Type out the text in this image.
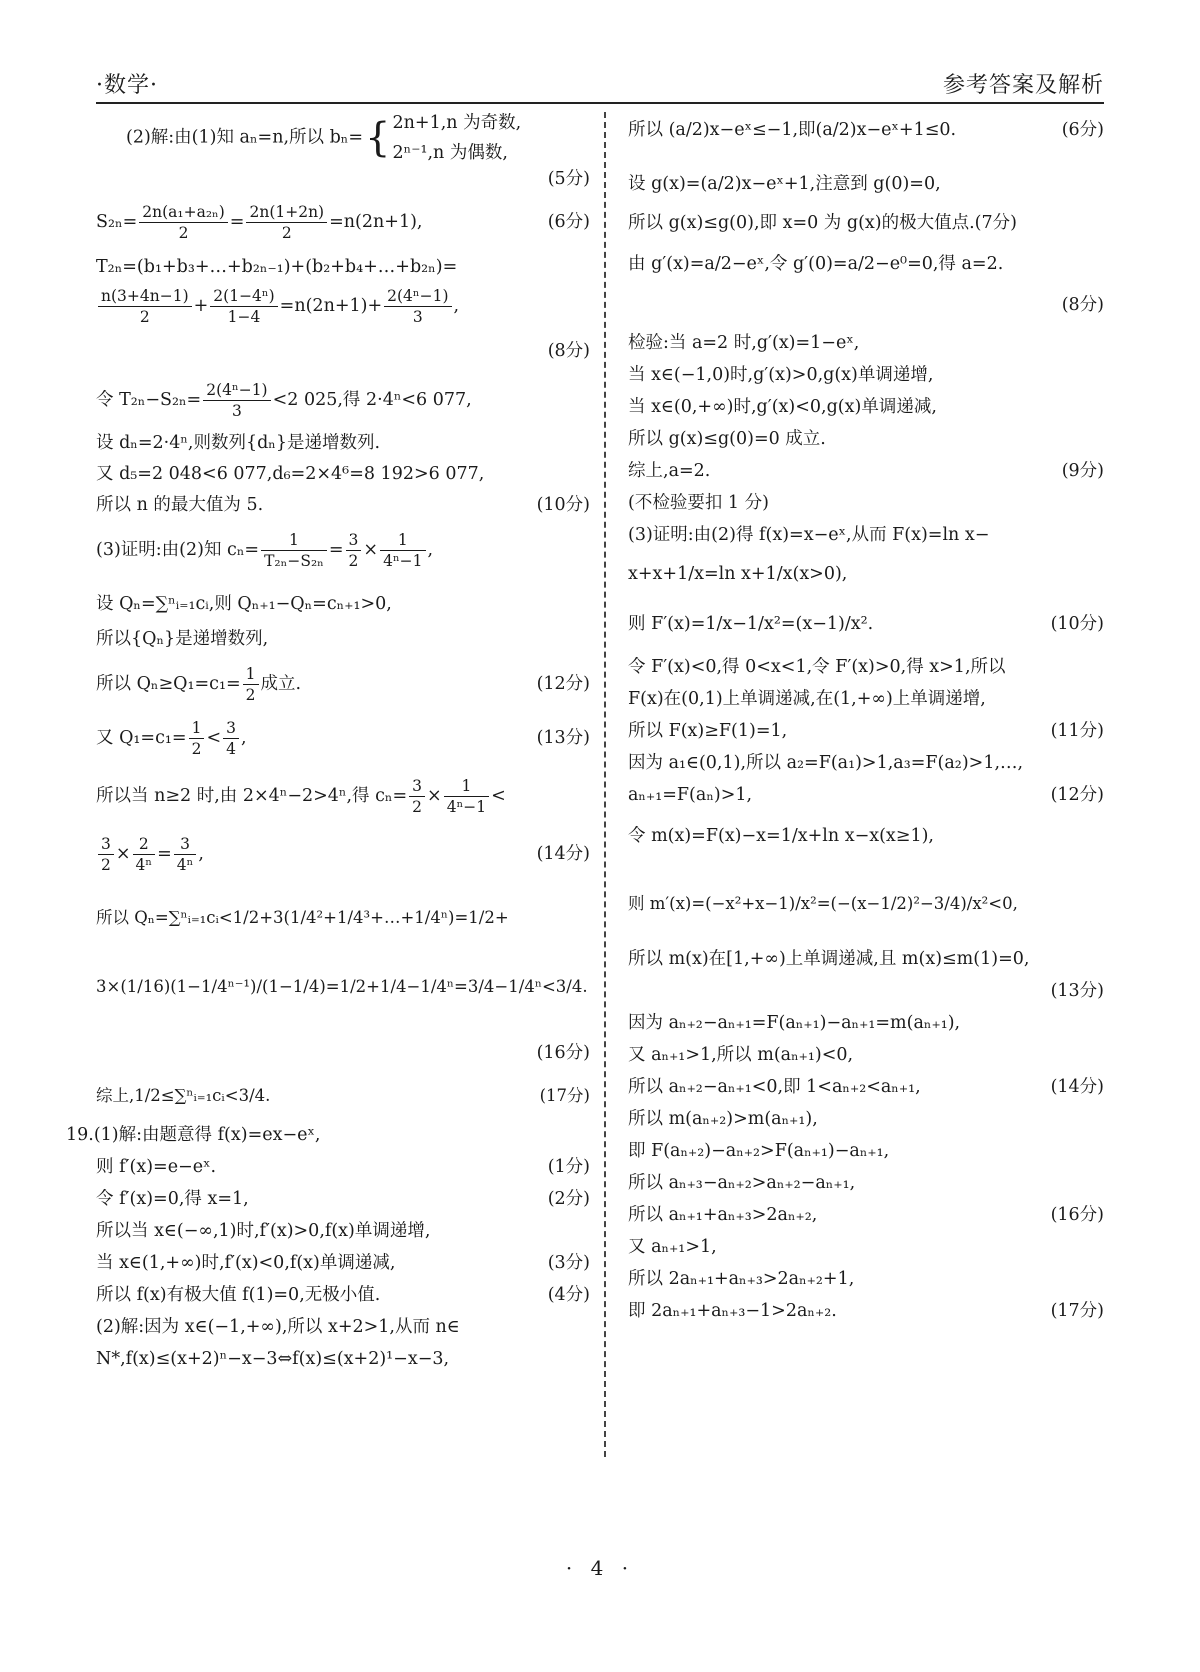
·数学·	参考答案及解析
(2)解:由(1)知 aₙ=n,所以 bₙ={ 2n+1,n 为奇数,
2ⁿ⁻¹,n 为偶数,
(5分)
$S_{2n}= \frac{\text{2n(a₁+a₂ₙ)}}{2} = \frac{2n(1+2n)}{2} =n(2n+1)$,	(6分)
T₂ₙ=(b₁+b₃+…+b₂ₙ₋₁)+(b₂+b₄+…+b₂ₙ)=
$\frac{n(3+4n-1)}{2} + \frac{\text{2(1−4ⁿ)}}{1-4} =n(2n+1)+ \frac{\text{2(4ⁿ−1)}}{3}$ ,
(8分)
令 $T_{2n}-S_{2n}= \frac{\text{2(4ⁿ−1)}}{3} <2$ 025,得 2·4ⁿ<6 077,
设 dₙ=2·4ⁿ,则数列{dₙ}是递增数列.
又 d₅=2 048<6 077,d₆=2×4⁶=8 192>6 077,
所以 n 的最大值为 5.	(10分)
(3)证明:由(2)知 $c_n= \frac{1}{\text{T₂ₙ−S₂ₙ}} = \frac{3}{2} \times \frac{1}{\text{4ⁿ−1}}$ ,
设 Qₙ=∑ⁿᵢ₌₁cᵢ,则 Qₙ₊₁−Qₙ=cₙ₊₁>0,
所以{Qₙ}是递增数列,
所以 $Q_n\ge Q_1=c_1= \frac{1}{2}$ 成立.	(12分)
又 $Q_1=c_1= \frac{1}{2} < \frac{3}{4}$ ,	(13分)
所以当 n≥2 时,由 2×4ⁿ−2>4ⁿ,得 $c_n= \frac{3}{2} \times \frac{1}{\text{4ⁿ−1}}$ <
$\frac{3}{2} \times \frac{2}{\text{4ⁿ}} = \frac{3}{\text{4ⁿ}}$ ,	(14分)
所以 Qₙ=∑ⁿᵢ₌₁cᵢ<1/2+3(1/4²+1/4³+…+1/4ⁿ)=1/2+
3×(1/16)(1−1/4ⁿ⁻¹)/(1−1/4)=1/2+1/4−1/4ⁿ=3/4−1/4ⁿ<3/4.
(16分)
综上,1/2≤∑ⁿᵢ₌₁cᵢ<3/4.	(17分)
19.(1)解:由题意得 f(x)=ex−eˣ,
则 f′(x)=e−eˣ.	(1分)
令 f′(x)=0,得 x=1,	(2分)
所以当 x∈(−∞,1)时,f′(x)>0,f(x)单调递增,
当 x∈(1,+∞)时,f′(x)<0,f(x)单调递减,	(3分)
所以 f(x)有极大值 f(1)=0,无极小值.	(4分)
(2)解:因为 x∈(−1,+∞),所以 x+2>1,从而 n∈
N*,f(x)≤(x+2)ⁿ−x−3⇔f(x)≤(x+2)¹−x−3,
所以 (a/2)x−eˣ≤−1,即(a/2)x−eˣ+1≤0.	(6分)
设 g(x)=(a/2)x−eˣ+1,注意到 g(0)=0,
所以 g(x)≤g(0),即 x=0 为 g(x)的极大值点.(7分)
由 g′(x)=a/2−eˣ,令 g′(0)=a/2−e⁰=0,得 a=2.
(8分)
检验:当 a=2 时,g′(x)=1−eˣ,
当 x∈(−1,0)时,g′(x)>0,g(x)单调递增,
当 x∈(0,+∞)时,g′(x)<0,g(x)单调递减,
所以 g(x)≤g(0)=0 成立.
综上,a=2.	(9分)
(不检验要扣 1 分)
(3)证明:由(2)得 f(x)=x−eˣ,从而 F(x)=ln x−
x+x+1/x=ln x+1/x(x>0),
则 F′(x)=1/x−1/x²=(x−1)/x².	(10分)
令 F′(x)<0,得 0<x<1,令 F′(x)>0,得 x>1,所以
F(x)在(0,1)上单调递减,在(1,+∞)上单调递增,
所以 F(x)≥F(1)=1,	(11分)
因为 a₁∈(0,1),所以 a₂=F(a₁)>1,a₃=F(a₂)>1,…,
aₙ₊₁=F(aₙ)>1,	(12分)
令 m(x)=F(x)−x=1/x+ln x−x(x≥1),
则 m′(x)=(−x²+x−1)/x²=(−(x−1/2)²−3/4)/x²<0,
所以 m(x)在[1,+∞)上单调递减,且 m(x)≤m(1)=0,
(13分)
因为 aₙ₊₂−aₙ₊₁=F(aₙ₊₁)−aₙ₊₁=m(aₙ₊₁),
又 aₙ₊₁>1,所以 m(aₙ₊₁)<0,
所以 aₙ₊₂−aₙ₊₁<0,即 1<aₙ₊₂<aₙ₊₁,	(14分)
所以 m(aₙ₊₂)>m(aₙ₊₁),
即 F(aₙ₊₂)−aₙ₊₂>F(aₙ₊₁)−aₙ₊₁,
所以 aₙ₊₃−aₙ₊₂>aₙ₊₂−aₙ₊₁,
所以 aₙ₊₁+aₙ₊₃>2aₙ₊₂,	(16分)
又 aₙ₊₁>1,
所以 2aₙ₊₁+aₙ₊₃>2aₙ₊₂+1,
即 2aₙ₊₁+aₙ₊₃−1>2aₙ₊₂.	(17分)
· 4 ·
